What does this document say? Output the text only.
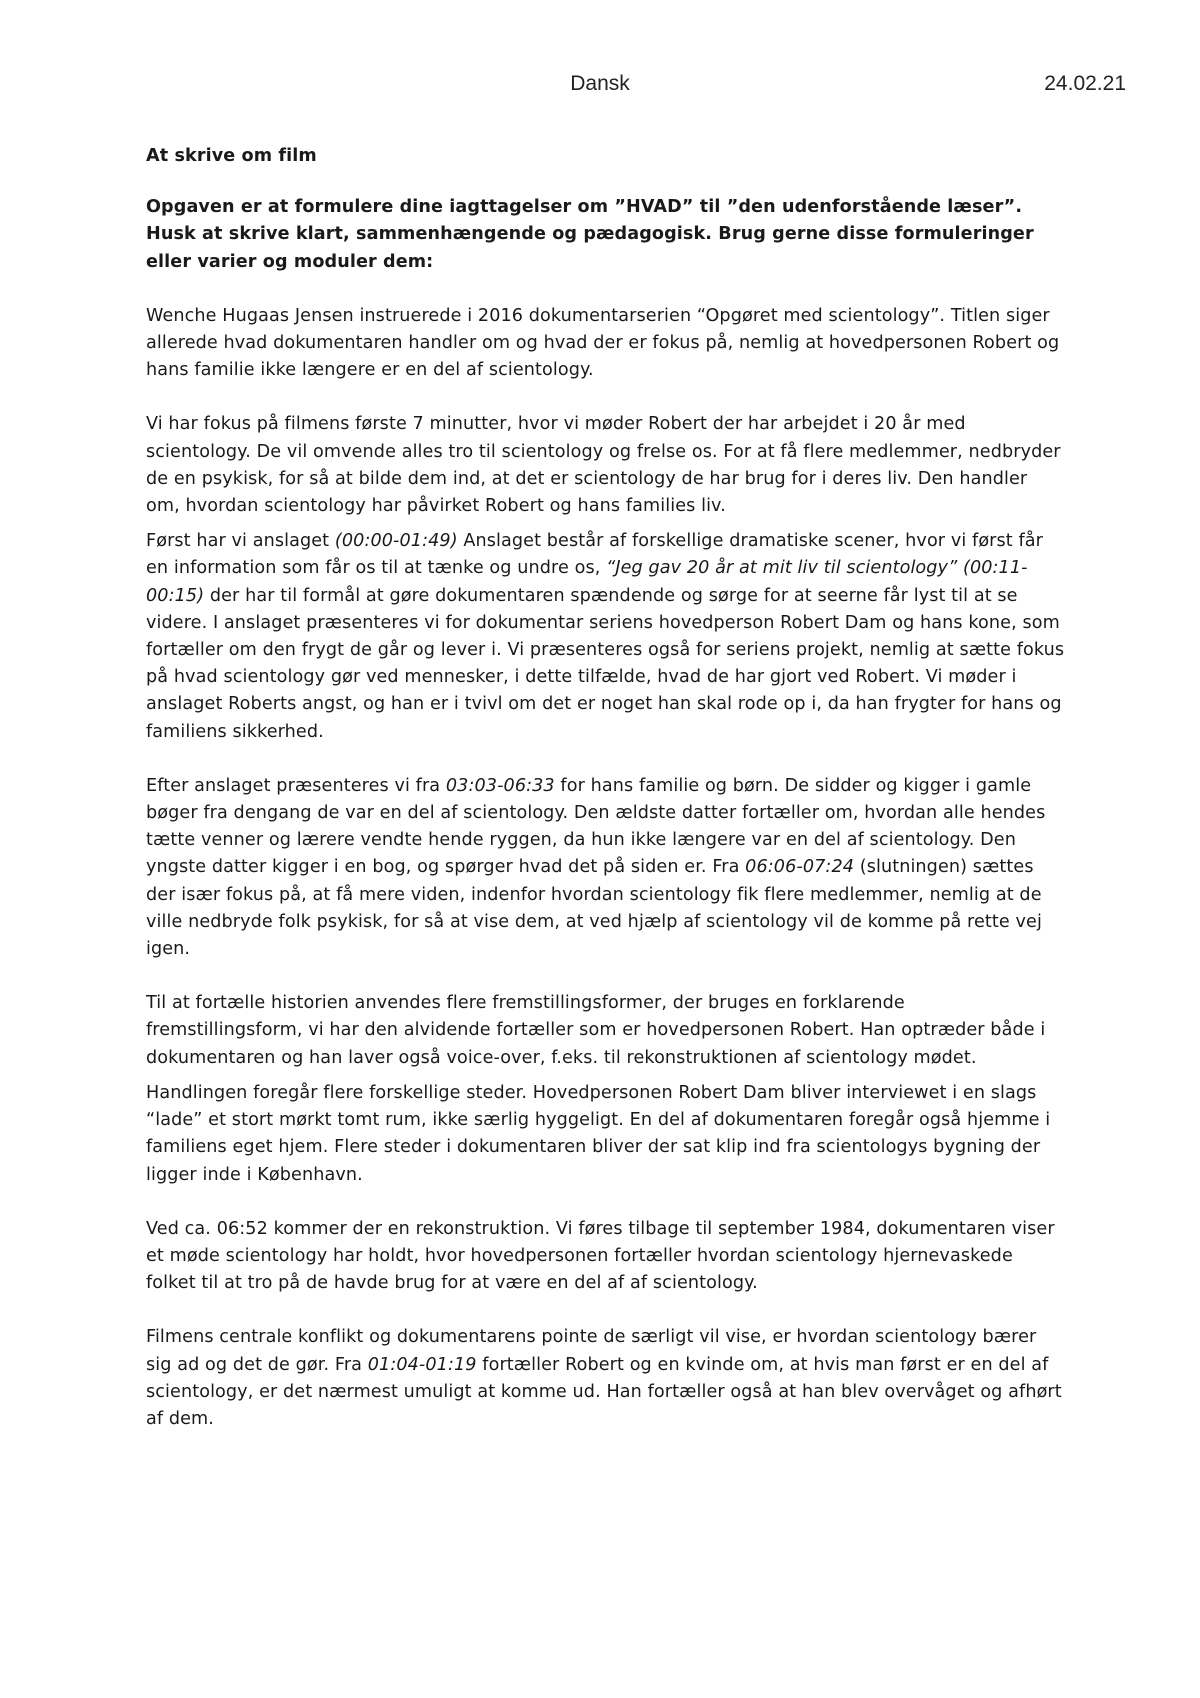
Dansk	24.02.21

At skrive om film

Opgaven er at formulere dine iagttagelser om ”HVAD” til ”den udenforstående læser”. Husk at skrive klart, sammenhængende og pædagogisk. Brug gerne disse formuleringer eller varier og moduler dem:

Wenche Hugaas Jensen instruerede i 2016 dokumentarserien “Opgøret med scientology”. Titlen siger allerede hvad dokumentaren handler om og hvad der er fokus på, nemlig at hovedpersonen Robert og hans familie ikke længere er en del af scientology.

Vi har fokus på filmens første 7 minutter, hvor vi møder Robert der har arbejdet i 20 år med scientology. De vil omvende alles tro til scientology og frelse os. For at få flere medlemmer, nedbryder de en psykisk, for så at bilde dem ind, at det er scientology de har brug for i deres liv. Den handler om, hvordan scientology har påvirket Robert og hans families liv.

Først har vi anslaget (00:00-01:49) Anslaget består af forskellige dramatiske scener, hvor vi først får en information som får os til at tænke og undre os, “Jeg gav 20 år at mit liv til scientology” (00:11-00:15) der har til formål at gøre dokumentaren spændende og sørge for at seerne får lyst til at se videre. I anslaget præsenteres vi for dokumentar seriens hovedperson Robert Dam og hans kone, som fortæller om den frygt de går og lever i. Vi præsenteres også for seriens projekt, nemlig at sætte fokus på hvad scientology gør ved mennesker, i dette tilfælde, hvad de har gjort ved Robert. Vi møder i anslaget Roberts angst, og han er i tvivl om det er noget han skal rode op i, da han frygter for hans og familiens sikkerhed.

Efter anslaget præsenteres vi fra 03:03-06:33 for hans familie og børn. De sidder og kigger i gamle bøger fra dengang de var en del af scientology. Den ældste datter fortæller om, hvordan alle hendes tætte venner og lærere vendte hende ryggen, da hun ikke længere var en del af scientology. Den yngste datter kigger i en bog, og spørger hvad det på siden er. Fra 06:06-07:24 (slutningen) sættes der især fokus på, at få mere viden, indenfor hvordan scientology fik flere medlemmer, nemlig at de ville nedbryde folk psykisk, for så at vise dem, at ved hjælp af scientology vil de komme på rette vej igen.

Til at fortælle historien anvendes flere fremstillingsformer, der bruges en forklarende fremstillingsform, vi har den alvidende fortæller som er hovedpersonen Robert. Han optræder både i dokumentaren og han laver også voice-over, f.eks. til rekonstruktionen af scientology mødet.

Handlingen foregår flere forskellige steder. Hovedpersonen Robert Dam bliver interviewet i en slags “lade” et stort mørkt tomt rum, ikke særlig hyggeligt. En del af dokumentaren foregår også hjemme i familiens eget hjem. Flere steder i dokumentaren bliver der sat klip ind fra scientologys bygning der ligger inde i København.

Ved ca. 06:52 kommer der en rekonstruktion. Vi føres tilbage til september 1984, dokumentaren viser et møde scientology har holdt, hvor hovedpersonen fortæller hvordan scientology hjernevaskede folket til at tro på de havde brug for at være en del af af scientology.

Filmens centrale konflikt og dokumentarens pointe de særligt vil vise, er hvordan scientology bærer sig ad og det de gør. Fra 01:04-01:19 fortæller Robert og en kvinde om, at hvis man først er en del af scientology, er det nærmest umuligt at komme ud. Han fortæller også at han blev overvåget og afhørt af dem.
